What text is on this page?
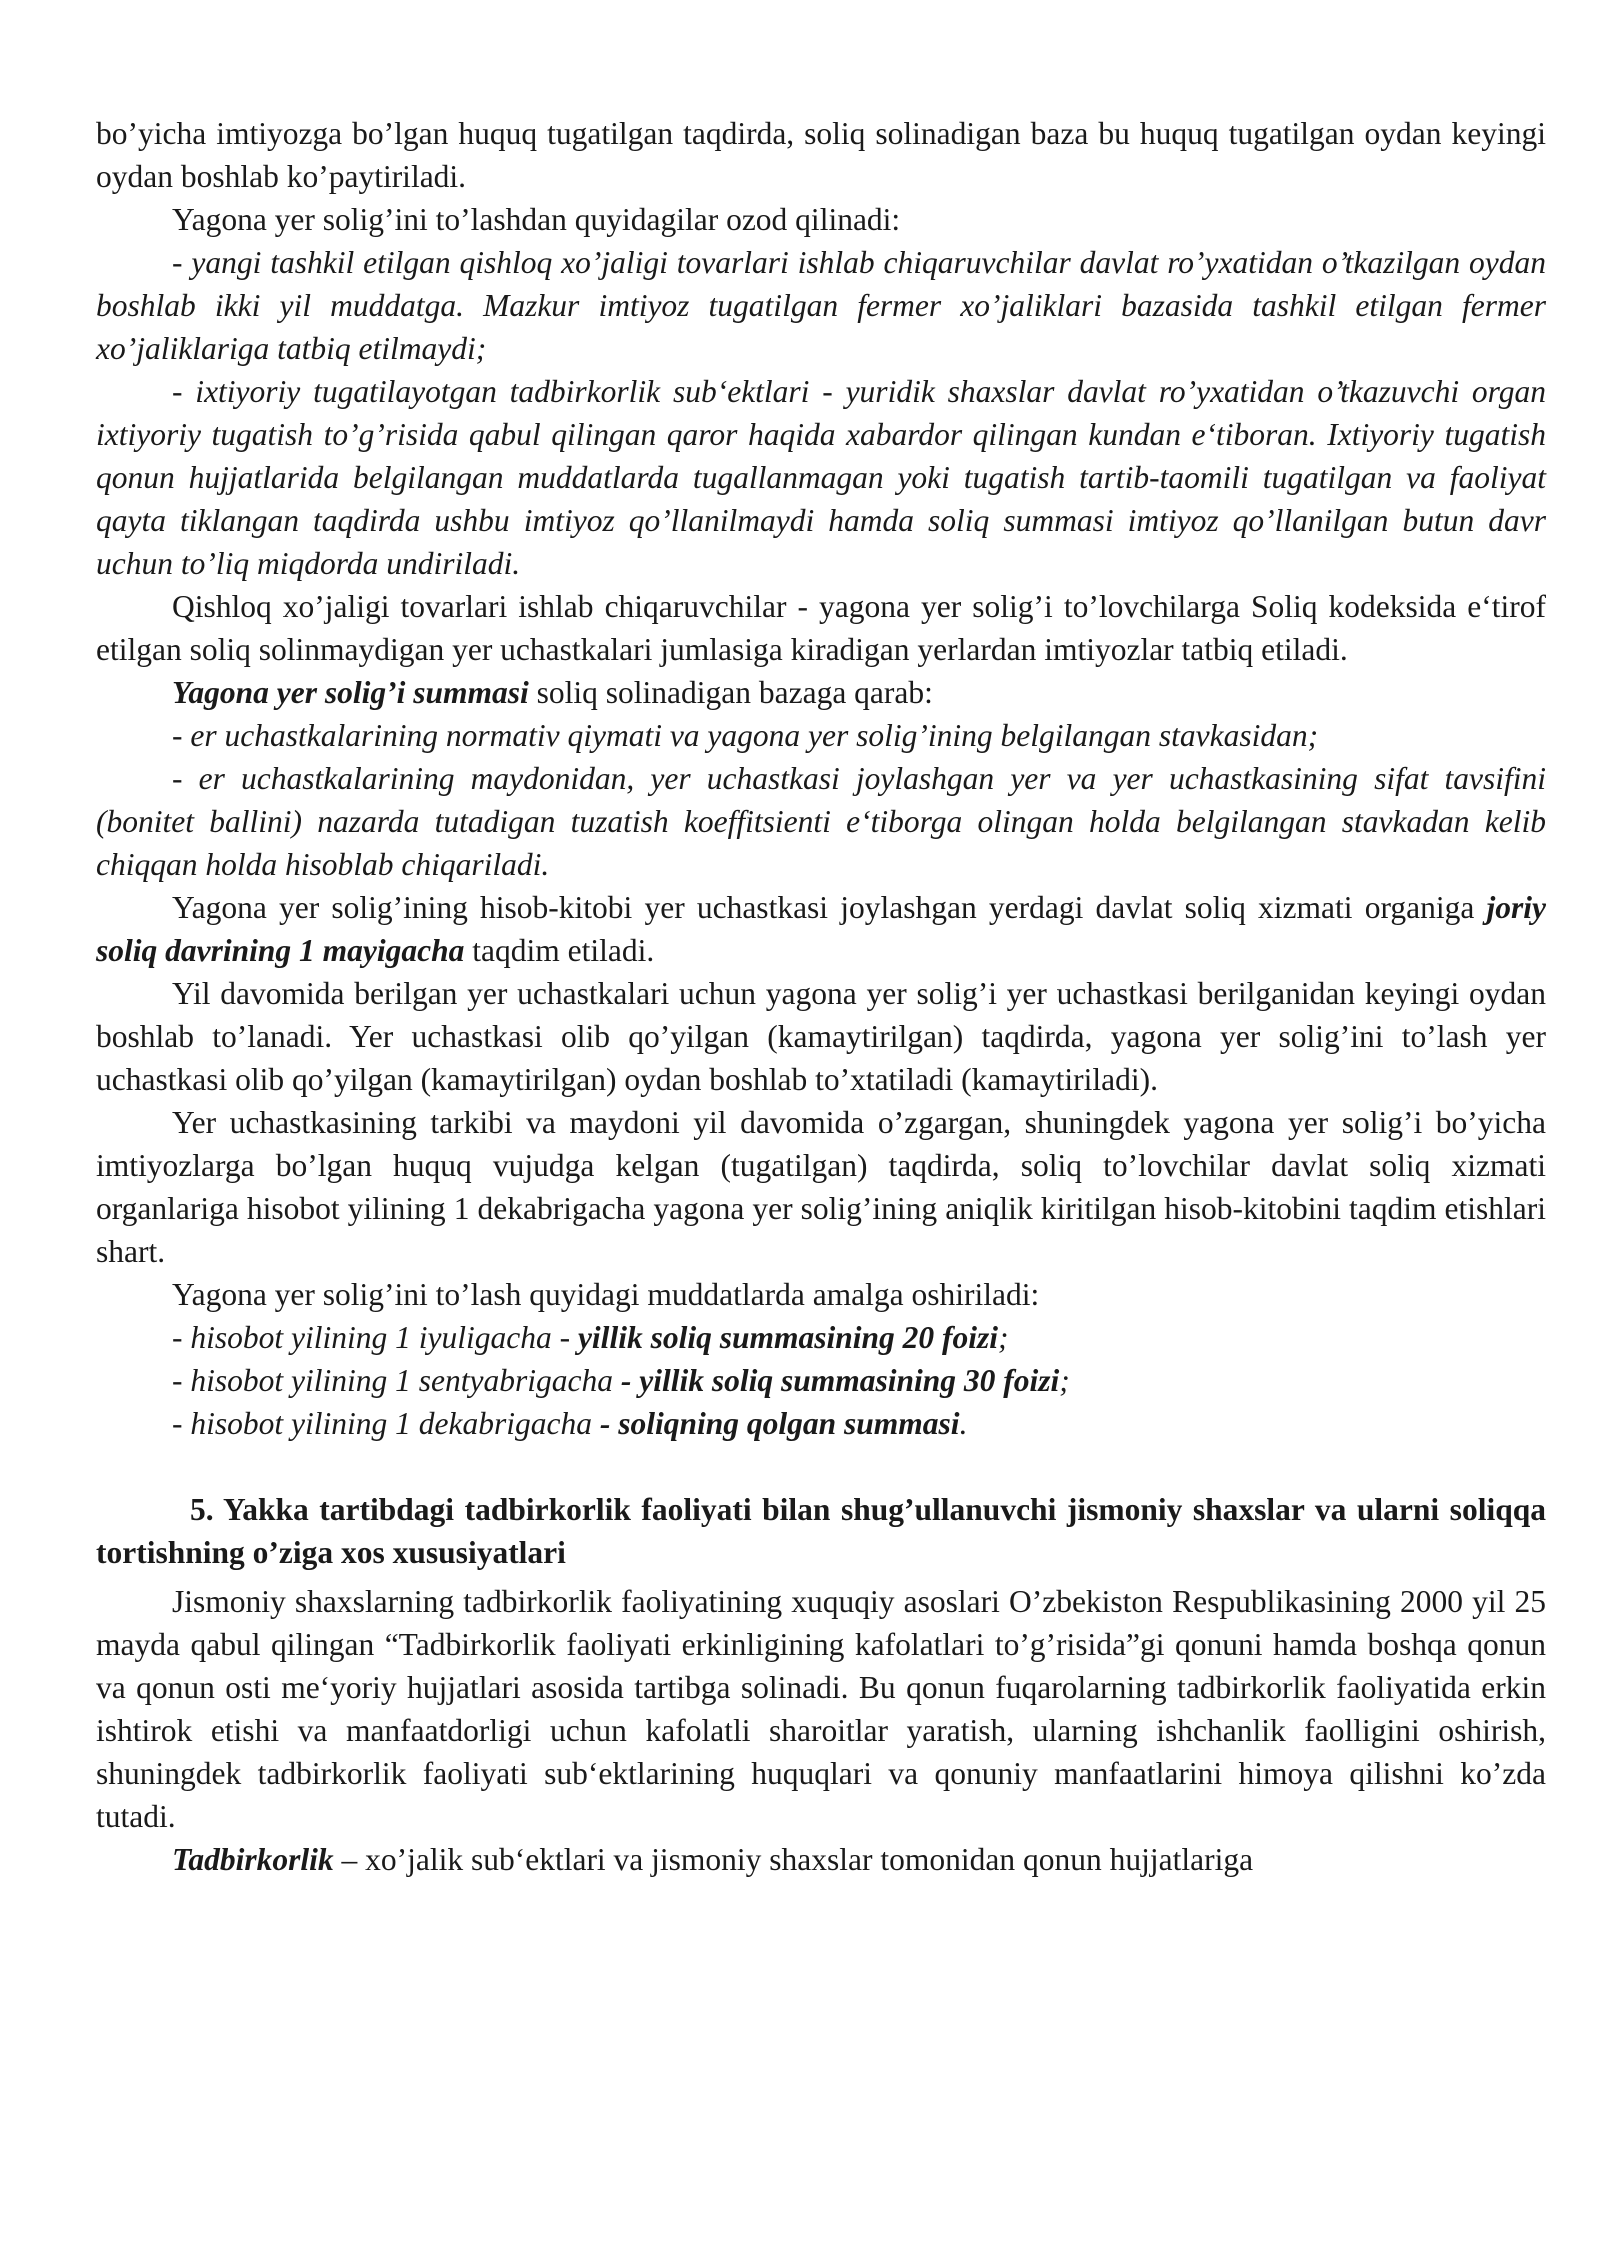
bo’yicha imtiyozga bo’lgan huquq tugatilgan taqdirda, soliq solinadigan baza bu huquq tugatilgan oydan keyingi oydan boshlab ko’paytiriladi.

Yagona yer solig’ini to’lashdan quyidagilar ozod qilinadi:

- yangi tashkil etilgan qishloq xo’jaligi tovarlari ishlab chiqaruvchilar davlat ro’yxatidan o’tkazilgan oydan boshlab ikki yil muddatga. Mazkur imtiyoz tugatilgan fermer xo’jaliklari bazasida tashkil etilgan fermer xo’jaliklariga tatbiq etilmaydi;

- ixtiyoriy tugatilayotgan tadbirkorlik sub‘ektlari - yuridik shaxslar davlat ro’yxatidan o’tkazuvchi organ ixtiyoriy tugatish to’g’risida qabul qilingan qaror haqida xabardor qilingan kundan e‘tiboran. Ixtiyoriy tugatish qonun hujjatlarida belgilangan muddatlarda tugallanmagan yoki tugatish tartib-taomili tugatilgan va faoliyat qayta tiklangan taqdirda ushbu imtiyoz qo’llanilmaydi hamda soliq summasi imtiyoz qo’llanilgan butun davr uchun to’liq miqdorda undiriladi.

Qishloq xo’jaligi tovarlari ishlab chiqaruvchilar - yagona yer solig’i to’lovchilarga Soliq kodeksida e‘tirof etilgan soliq solinmaydigan yer uchastkalari jumlasiga kiradigan yerlardan imtiyozlar tatbiq etiladi.

Yagona yer solig’i summasi soliq solinadigan bazaga qarab:

- er uchastkalarining normativ qiymati va yagona yer solig’ining belgilangan stavkasidan;

- er uchastkalarining maydonidan, yer uchastkasi joylashgan yer va yer uchastkasining sifat tavsifini (bonitet ballini) nazarda tutadigan tuzatish koeffitsienti e‘tiborga olingan holda belgilangan stavkadan kelib chiqqan holda hisoblab chiqariladi.

Yagona yer solig’ining hisob-kitobi yer uchastkasi joylashgan yerdagi davlat soliq xizmati organiga joriy soliq davrining 1 mayigacha taqdim etiladi.

Yil davomida berilgan yer uchastkalari uchun yagona yer solig’i yer uchastkasi berilganidan keyingi oydan boshlab to’lanadi. Yer uchastkasi olib qo’yilgan (kamaytirilgan) taqdirda, yagona yer solig’ini to’lash yer uchastkasi olib qo’yilgan (kamaytirilgan) oydan boshlab to’xtatiladi (kamaytiriladi).

Yer uchastkasining tarkibi va maydoni yil davomida o’zgargan, shuningdek yagona yer solig’i bo’yicha imtiyozlarga bo’lgan huquq vujudga kelgan (tugatilgan) taqdirda, soliq to’lovchilar davlat soliq xizmati organlariga hisobot yilining 1 dekabrigacha yagona yer solig’ining aniqlik kiritilgan hisob-kitobini taqdim etishlari shart.

Yagona yer solig’ini to’lash quyidagi muddatlarda amalga oshiriladi:

- hisobot yilining 1 iyuligacha - yillik soliq summasining 20 foizi;

- hisobot yilining 1 sentyabrigacha - yillik soliq summasining 30 foizi;

- hisobot yilining 1 dekabrigacha - soliqning qolgan summasi.

5. Yakka tartibdagi tadbirkorlik faoliyati bilan shug’ullanuvchi jismoniy shaxslar va ularni soliqqa tortishning o’ziga xos xususiyatlari

Jismoniy shaxslarning tadbirkorlik faoliyatining xuquqiy asoslari O’zbekiston Respublikasining 2000 yil 25 mayda qabul qilingan “Tadbirkorlik faoliyati erkinligining kafolatlari to’g’risida”gi qonuni hamda boshqa qonun va qonun osti me‘yoriy hujjatlari asosida tartibga solinadi. Bu qonun fuqarolarning tadbirkorlik faoliyatida erkin ishtirok etishi va manfaatdorligi uchun kafolatli sharoitlar yaratish, ularning ishchanlik faolligini oshirish, shuningdek tadbirkorlik faoliyati sub‘ektlarining huquqlari va qonuniy manfaatlarini himoya qilishni ko’zda tutadi.

Tadbirkorlik – xo’jalik sub‘ektlari va jismoniy shaxslar tomonidan qonun hujjatlariga
